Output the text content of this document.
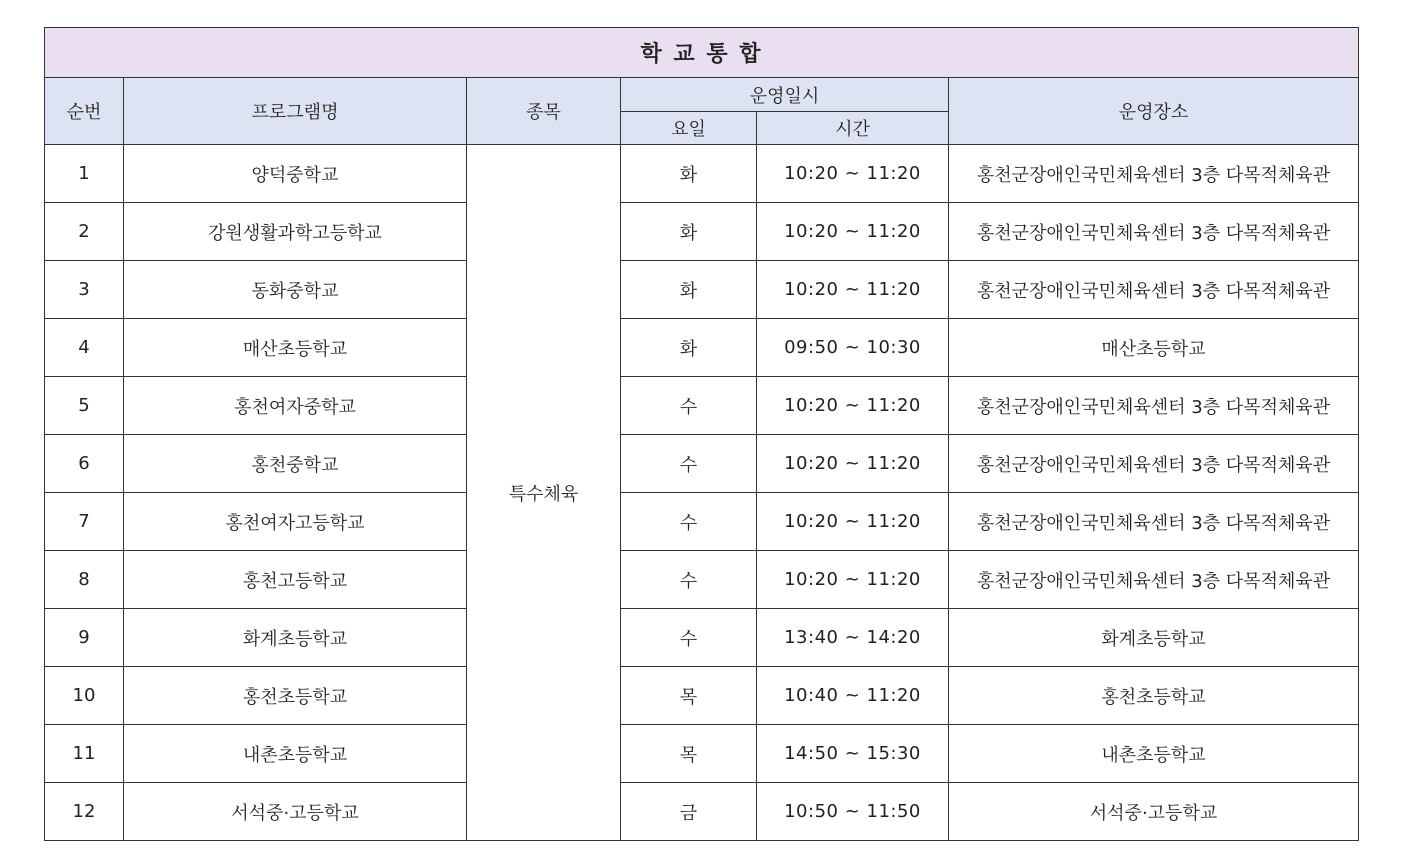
학 교 통 합					
순번	프로그램명	종목	운영일시		운영장소
			요일	시간	
1	양덕중학교	특수체육	화	10:20 ~ 11:20	홍천군장애인국민체육센터 3층 다목적체육관
2	강원생활과학고등학교		화	10:20 ~ 11:20	홍천군장애인국민체육센터 3층 다목적체육관
3	동화중학교		화	10:20 ~ 11:20	홍천군장애인국민체육센터 3층 다목적체육관
4	매산초등학교		화	09:50 ~ 10:30	매산초등학교
5	홍천여자중학교		수	10:20 ~ 11:20	홍천군장애인국민체육센터 3층 다목적체육관
6	홍천중학교		수	10:20 ~ 11:20	홍천군장애인국민체육센터 3층 다목적체육관
7	홍천여자고등학교		수	10:20 ~ 11:20	홍천군장애인국민체육센터 3층 다목적체육관
8	홍천고등학교		수	10:20 ~ 11:20	홍천군장애인국민체육센터 3층 다목적체육관
9	화계초등학교		수	13:40 ~ 14:20	화계초등학교
10	홍천초등학교		목	10:40 ~ 11:20	홍천초등학교
11	내촌초등학교		목	14:50 ~ 15:30	내촌초등학교
12	서석중·고등학교		금	10:50 ~ 11:50	서석중·고등학교
